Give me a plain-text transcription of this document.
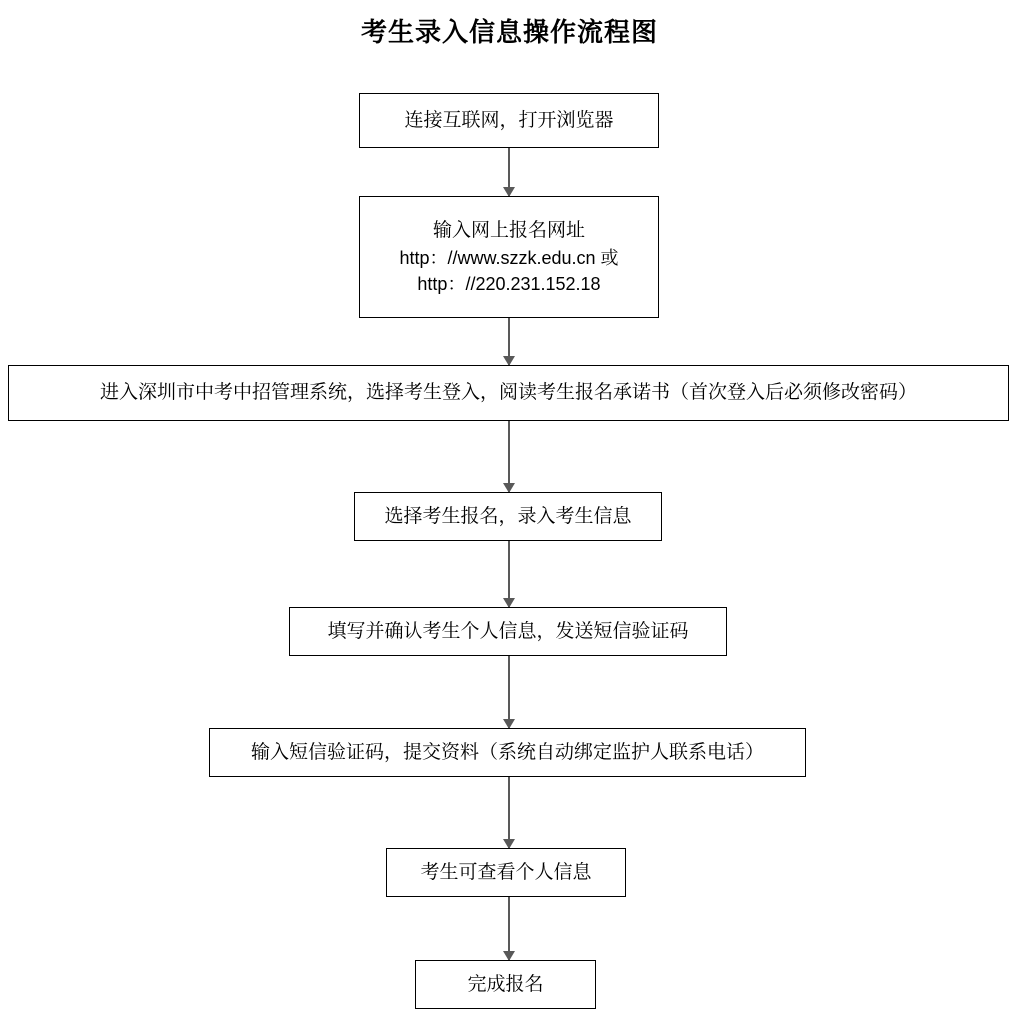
考生录入信息操作流程图
连接互联网，打开浏览器
输入网上报名网址
http：//www.szzk.edu.cn 或
http：//220.231.152.18
进入深圳市中考中招管理系统，选择考生登入，阅读考生报名承诺书（首次登入后必须修改密码）
选择考生报名，录入考生信息
填写并确认考生个人信息，发送短信验证码
输入短信验证码，提交资料（系统自动绑定监护人联系电话）
考生可查看个人信息
完成报名
